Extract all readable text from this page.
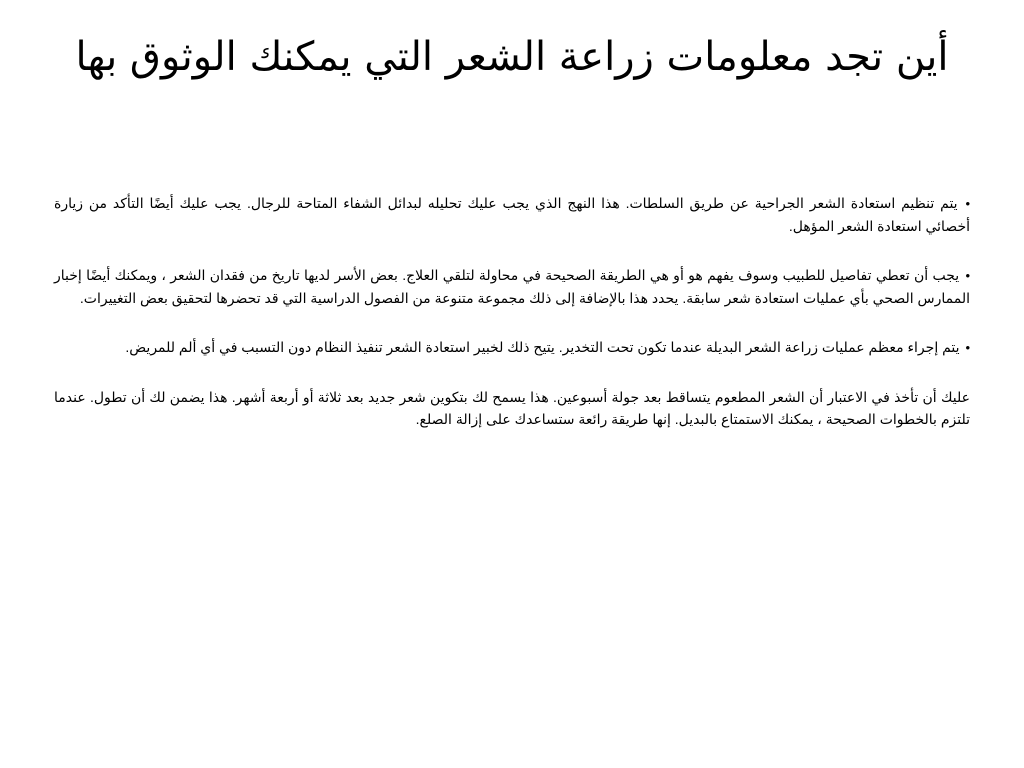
أين تجد معلومات زراعة الشعر التي يمكنك الوثوق بها

• يتم تنظيم استعادة الشعر الجراحية عن طريق السلطات. هذا النهج الذي يجب عليك تحليله لبدائل الشفاء المتاحة للرجال. يجب عليك أيضًا التأكد من زيارة أخصائي استعادة الشعر المؤهل.

• يجب أن تعطي تفاصيل للطبيب وسوف يفهم هو أو هي الطريقة الصحيحة في محاولة لتلقي العلاج. بعض الأسر لديها تاريخ من فقدان الشعر ، ويمكنك أيضًا إخبار الممارس الصحي بأي عمليات استعادة شعر سابقة. يحدد هذا بالإضافة إلى ذلك مجموعة متنوعة من الفصول الدراسية التي قد تحضرها لتحقيق بعض التغييرات.

• يتم إجراء معظم عمليات زراعة الشعر البديلة عندما تكون تحت التخدير. يتيح ذلك لخبير استعادة الشعر تنفيذ النظام دون التسبب في أي ألم للمريض.

عليك أن تأخذ في الاعتبار أن الشعر المطعوم يتساقط بعد جولة أسبوعين. هذا يسمح لك بتكوين شعر جديد بعد ثلاثة أو أربعة أشهر. هذا يضمن لك أن تطول. عندما تلتزم بالخطوات الصحيحة ، يمكنك الاستمتاع بالبديل. إنها طريقة رائعة ستساعدك على إزالة الصلع.
